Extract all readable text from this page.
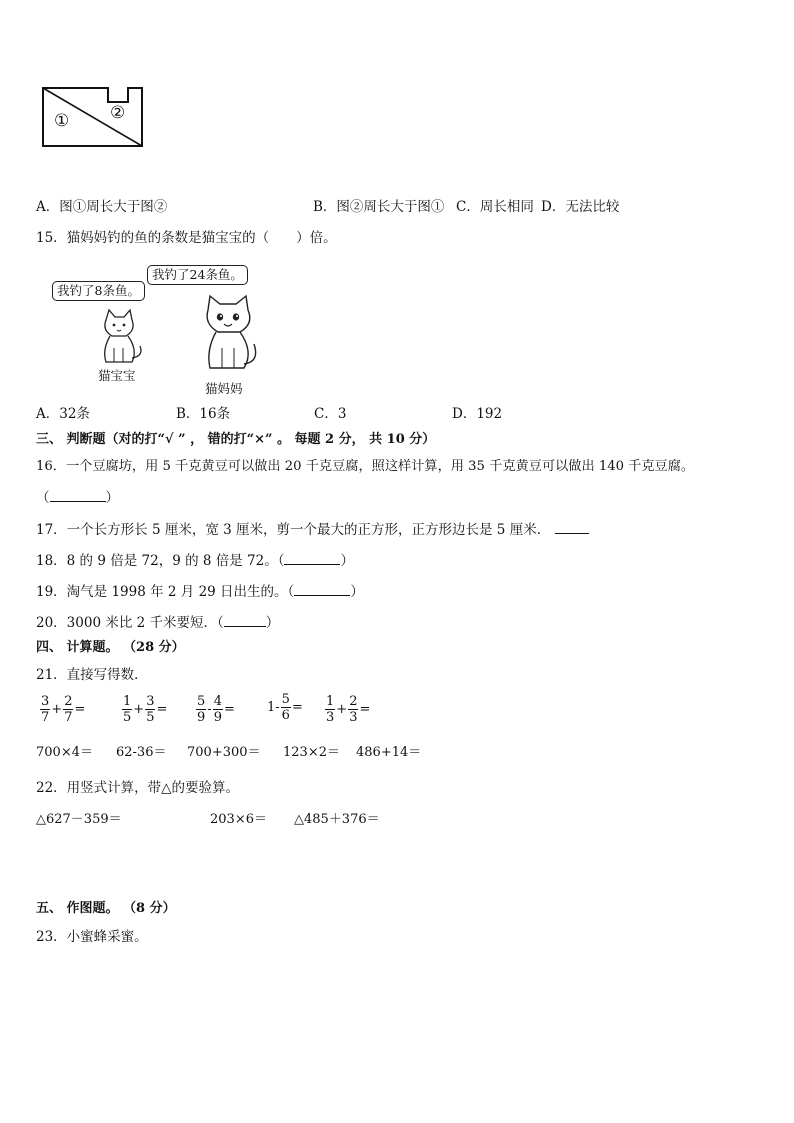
① ②
A．图①周长大于图②	B．图②周长大于图① C．周长相同 D．无法比较
15．猫妈妈钓的鱼的条数是猫宝宝的（　　）倍。
我钓了8条鱼。
我钓了24条鱼。
猫宝宝
猫妈妈
A．32条	B．16条	C．3	D．192
三、 判断题（对的打“√ ” ， 错的打“×” 。 每题 2 分， 共 10 分）
16．一个豆腐坊，用 5 千克黄豆可以做出 20 千克豆腐，照这样计算，用 35 千克黄豆可以做出 140 千克豆腐。
（	）
17．一个长方形长 5 厘米，宽 3 厘米，剪一个最大的正方形，正方形边长是 5 厘米．
18．8 的 9 倍是 72，9 的 8 倍是 72。（	）
19．淘气是 1998 年 2 月 29 日出生的。（	）
20．3000 米比 2 千米要短．（	）
四、 计算题。 （28 分）
21．直接写得数．
$\frac{3}{7} + \frac{2}{7}$ =	$\frac{1}{5} + \frac{3}{5} = \frac{5}{9} - \frac{4}{9} = 1- \frac{5}{6} = \frac{1}{3} + \frac{2}{3}$ =
700×4＝ 62-36＝ 700+300＝ 123×2＝ 486+14＝
22．用竖式计算，带△的要验算。
△627－359＝	203×6＝ △485＋376＝
五、 作图题。 （8 分）
23．小蜜蜂采蜜。
